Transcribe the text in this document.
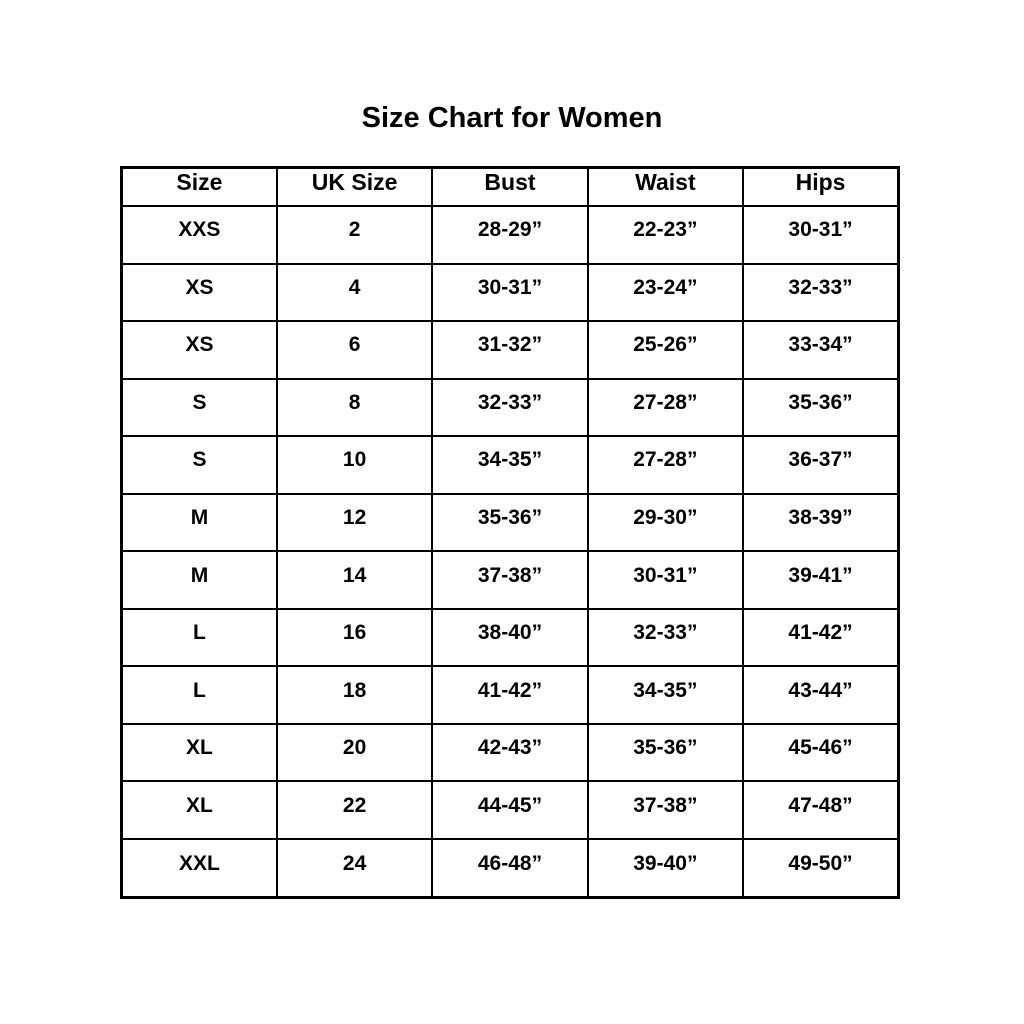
Size Chart for Women
Size	UK Size	Bust	Waist	Hips
XXS	2	28-29”	22-23”	30-31”
XS	4	30-31”	23-24”	32-33”
XS	6	31-32”	25-26”	33-34”
S	8	32-33”	27-28”	35-36”
S	10	34-35”	27-28”	36-37”
M	12	35-36”	29-30”	38-39”
M	14	37-38”	30-31”	39-41”
L	16	38-40”	32-33”	41-42”
L	18	41-42”	34-35”	43-44”
XL	20	42-43”	35-36”	45-46”
XL	22	44-45”	37-38”	47-48”
XXL	24	46-48”	39-40”	49-50”
